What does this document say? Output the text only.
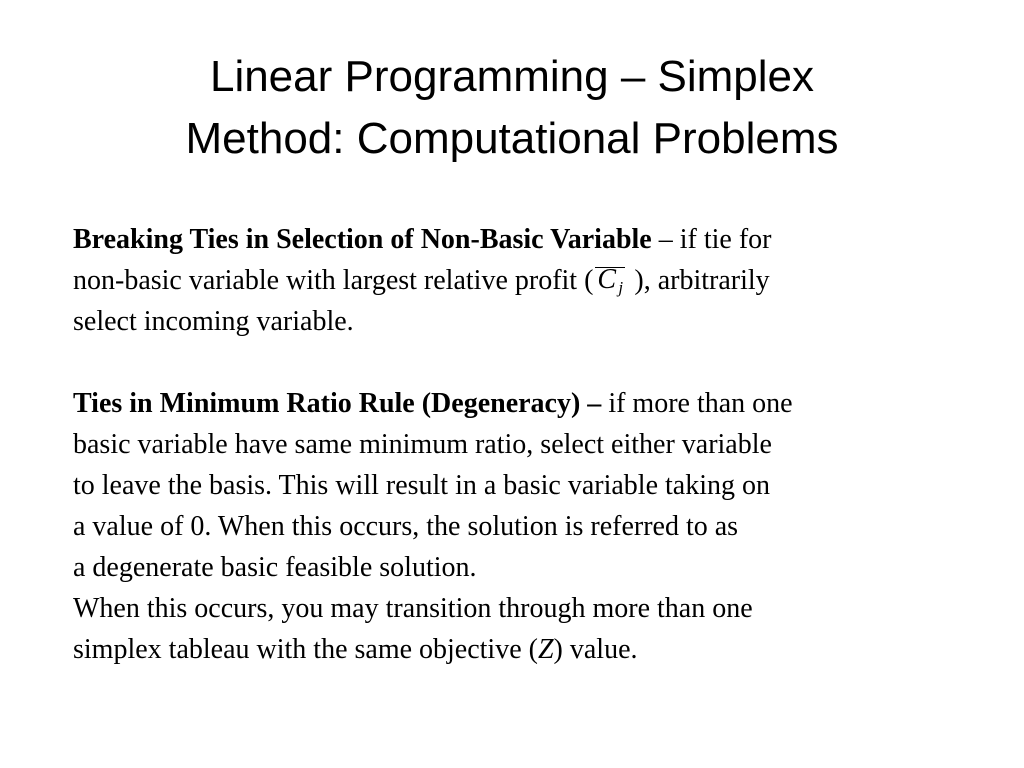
Linear Programming – Simplex
Method: Computational Problems
Breaking Ties in Selection of Non-Basic Variable – if tie for
non-basic variable with largest relative profit ( C j ), arbitrarily
select incoming variable.
Ties in Minimum Ratio Rule (Degeneracy) – if more than one
basic variable have same minimum ratio, select either variable
to leave the basis. This will result in a basic variable taking on
a value of 0. When this occurs, the solution is referred to as
a degenerate basic feasible solution.
When this occurs, you may transition through more than one
simplex tableau with the same objective (Z) value.
